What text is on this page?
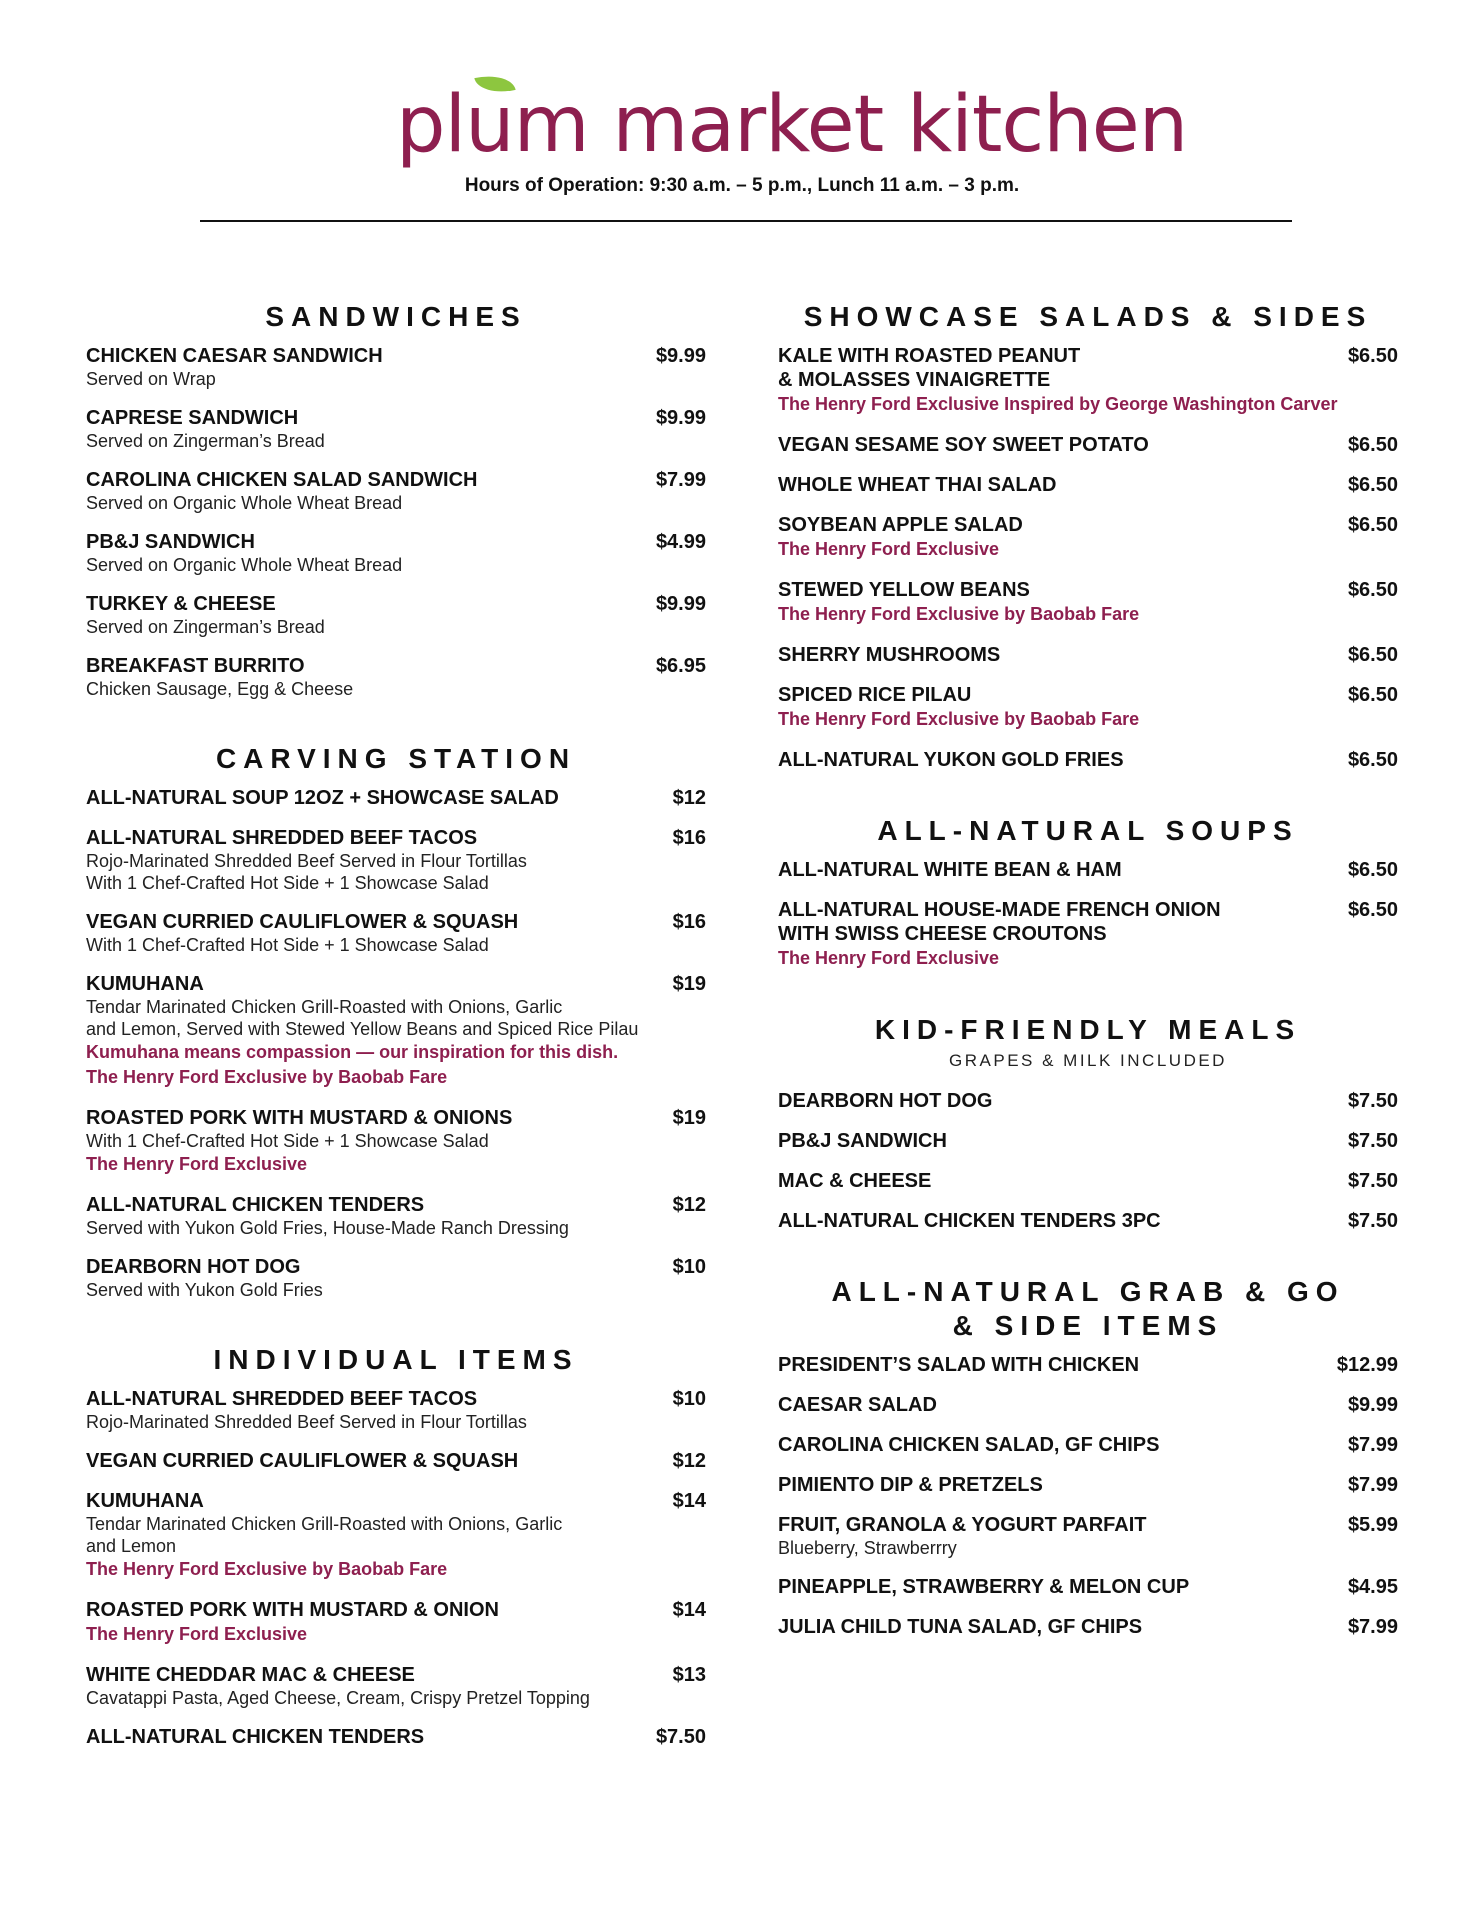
plum market kitchen
Hours of Operation: 9:30 a.m. – 5 p.m., Lunch 11 a.m. – 3 p.m.
SANDWICHES
CHICKEN CAESAR SANDWICH	$9.99
Served on Wrap
CAPRESE SANDWICH	$9.99
Served on Zingerman’s Bread
CAROLINA CHICKEN SALAD SANDWICH	$7.99
Served on Organic Whole Wheat Bread
PB&J SANDWICH	$4.99
Served on Organic Whole Wheat Bread
TURKEY & CHEESE	$9.99
Served on Zingerman’s Bread
BREAKFAST BURRITO	$6.95
Chicken Sausage, Egg & Cheese
CARVING STATION
ALL-NATURAL SOUP 12OZ + SHOWCASE SALAD	$12
ALL-NATURAL SHREDDED BEEF TACOS	$16
Rojo-Marinated Shredded Beef Served in Flour Tortillas
With 1 Chef-Crafted Hot Side + 1 Showcase Salad
VEGAN CURRIED CAULIFLOWER & SQUASH	$16
With 1 Chef-Crafted Hot Side + 1 Showcase Salad
KUMUHANA	$19
Tendar Marinated Chicken Grill-Roasted with Onions, Garlic
and Lemon, Served with Stewed Yellow Beans and Spiced Rice Pilau
Kumuhana means compassion — our inspiration for this dish.
The Henry Ford Exclusive by Baobab Fare
ROASTED PORK WITH MUSTARD & ONIONS	$19
With 1 Chef-Crafted Hot Side + 1 Showcase Salad
The Henry Ford Exclusive
ALL-NATURAL CHICKEN TENDERS	$12
Served with Yukon Gold Fries, House-Made Ranch Dressing
DEARBORN HOT DOG	$10
Served with Yukon Gold Fries
INDIVIDUAL ITEMS
ALL-NATURAL SHREDDED BEEF TACOS	$10
Rojo-Marinated Shredded Beef Served in Flour Tortillas
VEGAN CURRIED CAULIFLOWER & SQUASH	$12
KUMUHANA	$14
Tendar Marinated Chicken Grill-Roasted with Onions, Garlic
and Lemon
The Henry Ford Exclusive by Baobab Fare
ROASTED PORK WITH MUSTARD & ONION	$14
The Henry Ford Exclusive
WHITE CHEDDAR MAC & CHEESE	$13
Cavatappi Pasta, Aged Cheese, Cream, Crispy Pretzel Topping
ALL-NATURAL CHICKEN TENDERS	$7.50
SHOWCASE SALADS & SIDES
KALE WITH ROASTED PEANUT
& MOLASSES VINAIGRETTE
$6.50
The Henry Ford Exclusive Inspired by George Washington Carver
VEGAN SESAME SOY SWEET POTATO	$6.50
WHOLE WHEAT THAI SALAD	$6.50
SOYBEAN APPLE SALAD	$6.50
The Henry Ford Exclusive
STEWED YELLOW BEANS	$6.50
The Henry Ford Exclusive by Baobab Fare
SHERRY MUSHROOMS	$6.50
SPICED RICE PILAU	$6.50
The Henry Ford Exclusive by Baobab Fare
ALL-NATURAL YUKON GOLD FRIES	$6.50
ALL-NATURAL SOUPS
ALL-NATURAL WHITE BEAN & HAM	$6.50
ALL-NATURAL HOUSE-MADE FRENCH ONION
WITH SWISS CHEESE CROUTONS
$6.50
The Henry Ford Exclusive
KID-FRIENDLY MEALS
GRAPES & MILK INCLUDED
DEARBORN HOT DOG	$7.50
PB&J SANDWICH	$7.50
MAC & CHEESE	$7.50
ALL-NATURAL CHICKEN TENDERS 3PC	$7.50
ALL-NATURAL GRAB & GO
& SIDE ITEMS
PRESIDENT’S SALAD WITH CHICKEN	$12.99
CAESAR SALAD	$9.99
CAROLINA CHICKEN SALAD, GF CHIPS	$7.99
PIMIENTO DIP & PRETZELS	$7.99
FRUIT, GRANOLA & YOGURT PARFAIT	$5.99
Blueberry, Strawberrry
PINEAPPLE, STRAWBERRY & MELON CUP	$4.95
JULIA CHILD TUNA SALAD, GF CHIPS	$7.99
